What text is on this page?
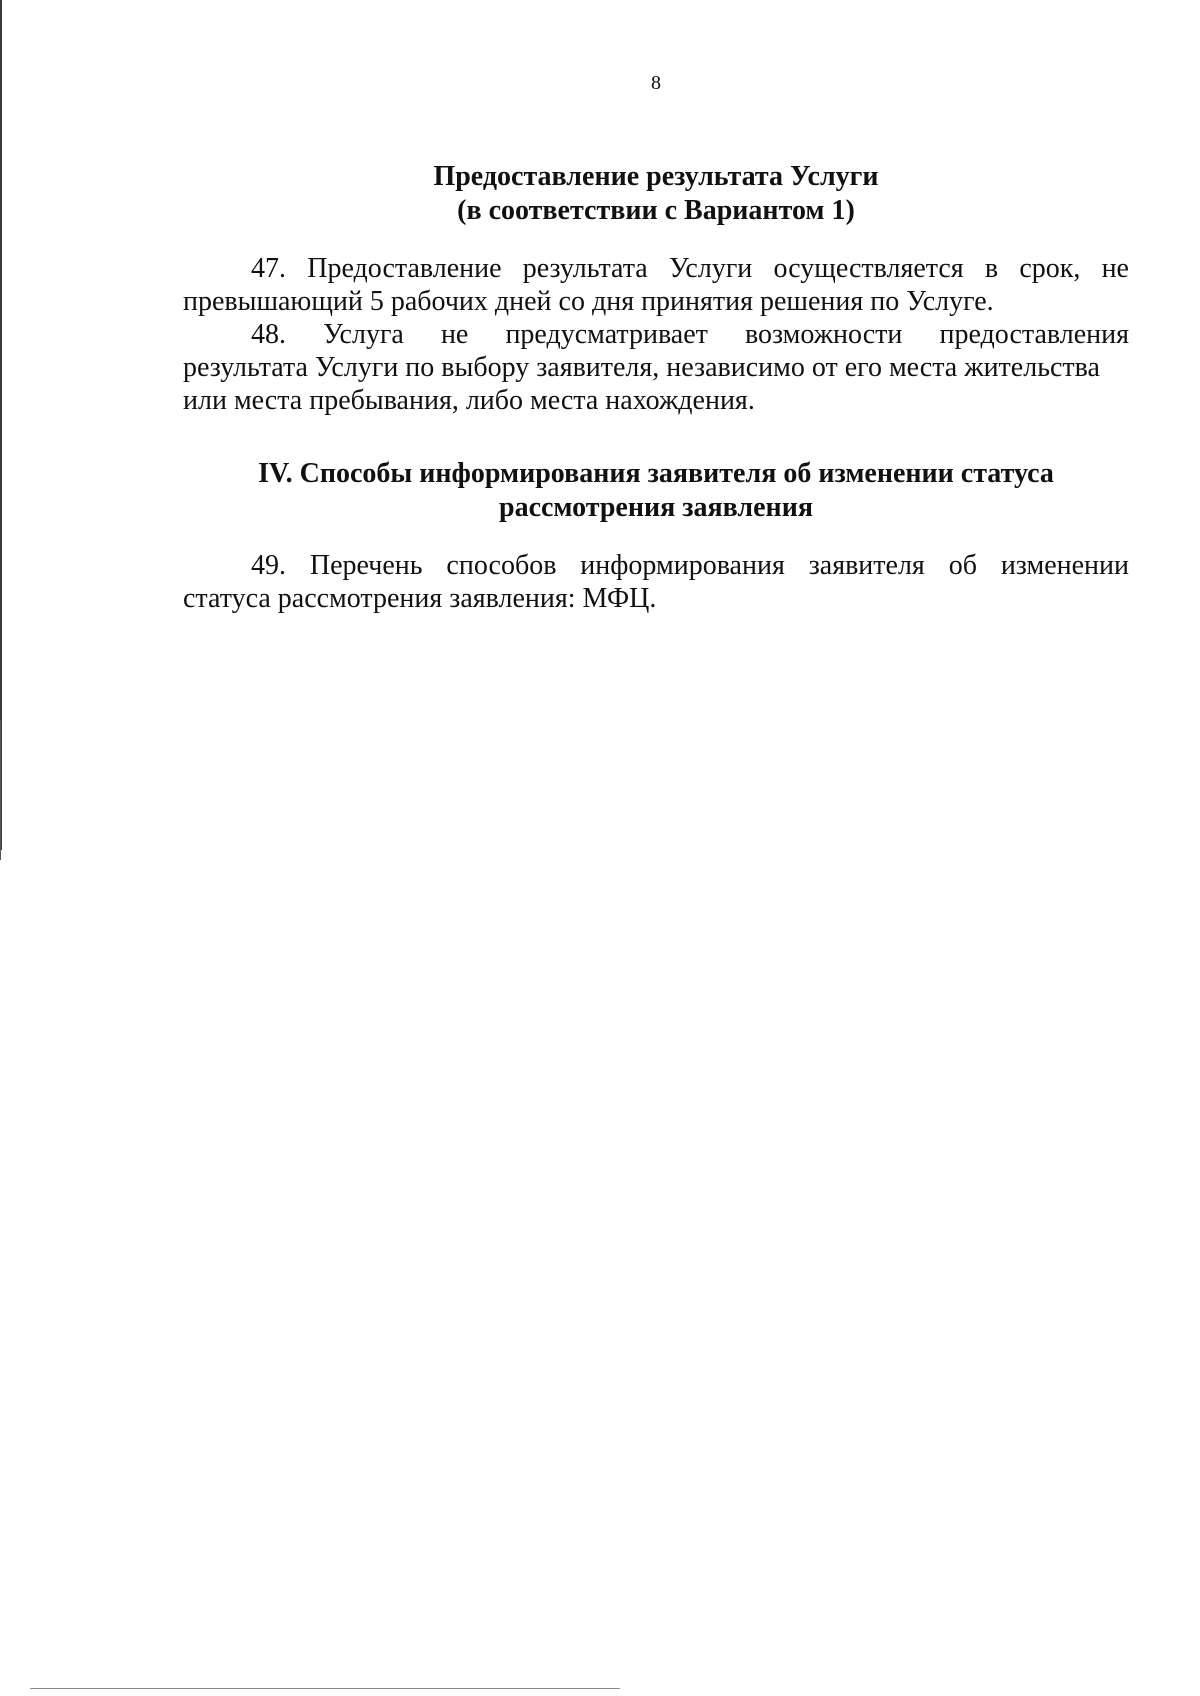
8
Предоставление результата Услуги
(в соответствии с Вариантом 1)

47. Предоставление результата Услуги осуществляется в срок, не
превышающий 5 рабочих дней со дня принятия решения по Услуге.

48. Услуга не предусматривает возможности предоставления
результата Услуги по выбору заявителя, независимо от его места жительства или места пребывания, либо места нахождения.

IV. Способы информирования заявителя об изменении статуса
рассмотрения заявления

49. Перечень способов информирования заявителя об изменении
статуса рассмотрения заявления: МФЦ.
